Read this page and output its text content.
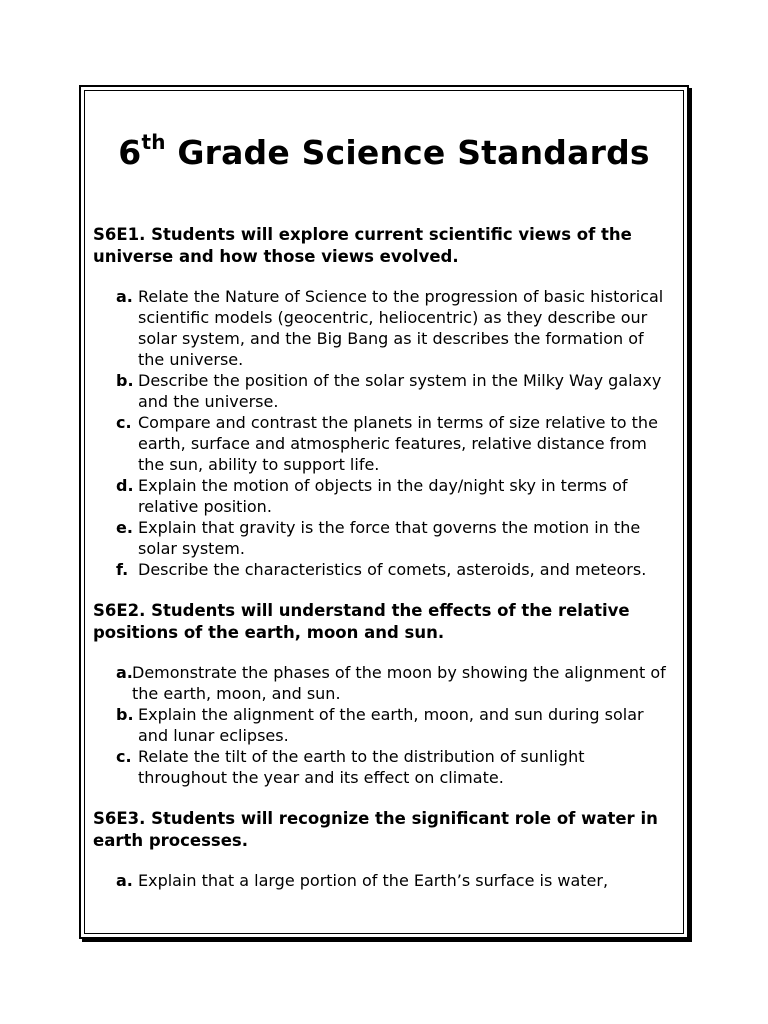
6th Grade Science Standards

S6E1. Students will explore current scientific views of the universe and how those views evolved.

a. Relate the Nature of Science to the progression of basic historical scientific models (geocentric, heliocentric) as they describe our solar system, and the Big Bang as it describes the formation of the universe.
b. Describe the position of the solar system in the Milky Way galaxy and the universe.
c. Compare and contrast the planets in terms of size relative to the earth, surface and atmospheric features, relative distance from the sun, ability to support life.
d. Explain the motion of objects in the day/night sky in terms of relative position.
e. Explain that gravity is the force that governs the motion in the solar system.
f. Describe the characteristics of comets, asteroids, and meteors.

S6E2. Students will understand the effects of the relative positions of the earth, moon and sun.

a. Demonstrate the phases of the moon by showing the alignment of the earth, moon, and sun.
b. Explain the alignment of the earth, moon, and sun during solar and lunar eclipses.
c. Relate the tilt of the earth to the distribution of sunlight throughout the year and its effect on climate.

S6E3. Students will recognize the significant role of water in earth processes.

a. Explain that a large portion of the Earth’s surface is water,
